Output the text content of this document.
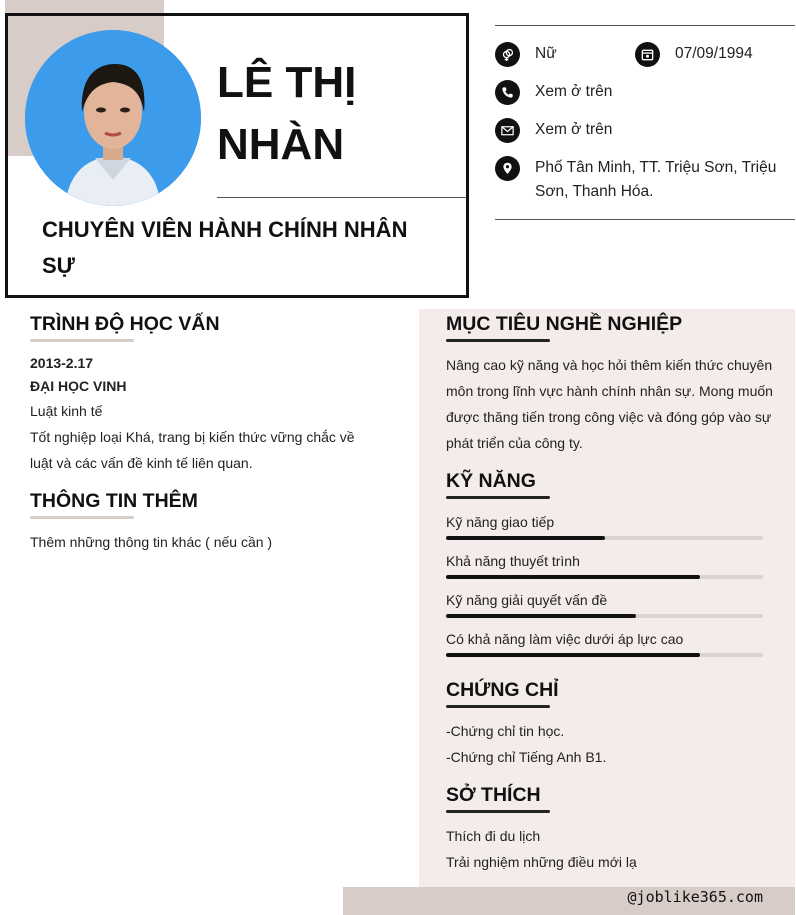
LÊ THỊ NHÀN
CHUYÊN VIÊN HÀNH CHÍNH NHÂN SỰ
Nữ	07/09/1994
Xem ở trên
Xem ở trên
Phố Tân Minh, TT. Triệu Sơn, Triệu Sơn, Thanh Hóa.
TRÌNH ĐỘ HỌC VẤN
2013-2.17
ĐẠI HỌC VINH
Luật kinh tế
Tốt nghiệp loại Khá, trang bị kiến thức vững chắc về luật và các vấn đề kinh tế liên quan.
THÔNG TIN THÊM
Thêm những thông tin khác ( nếu cần )
MỤC TIÊU NGHỀ NGHIỆP
Nâng cao kỹ năng và học hỏi thêm kiến thức chuyên môn trong lĩnh vực hành chính nhân sự. Mong muốn được thăng tiến trong công việc và đóng góp vào sự phát triển của công ty.
KỸ NĂNG
Kỹ năng giao tiếp
Khả năng thuyết trình
Kỹ năng giải quyết vấn đề
Có khả năng làm việc dưới áp lực cao
CHỨNG CHỈ
-Chứng chỉ tin học.
-Chứng chỉ Tiếng Anh B1.
SỞ THÍCH
Thích đi du lịch
Trải nghiệm những điều mới lạ
@joblike365.com
